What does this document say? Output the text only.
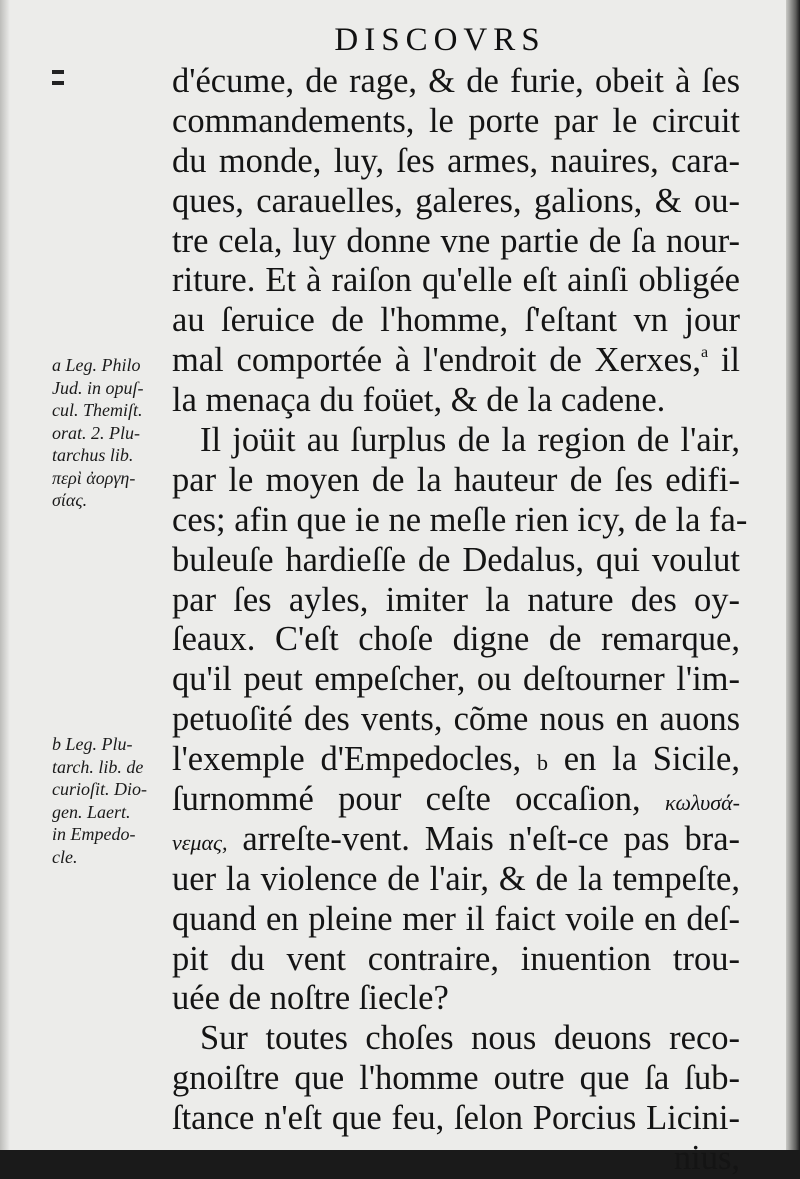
DISCOVRS
d'écume, de rage, & de furie, obeit à ſes
commandements, le porte par le circuit
du monde, luy, ſes armes, nauires, cara-
ques, carauelles, galeres, galions, & ou-
tre cela, luy donne vne partie de ſa nour-
riture. Et à raiſon qu'elle eſt ainſi obligée
au ſeruice de l'homme, ſ'eſtant vn jour
mal comportée à l'endroit de Xerxes,$^a$ il
la menaça du foüet, & de la cadene.
Il joüit au ſurplus de la region de l'air,
par le moyen de la hauteur de ſes edifi-
ces; afin que ie ne meſle rien icy, de la fa-
buleuſe hardieſſe de Dedalus, qui voulut
par ſes ayles, imiter la nature des oy-
ſeaux. C'eſt choſe digne de remarque,
qu'il peut empeſcher, ou deſtourner l'im-
petuoſité des vents, cõme nous en auons
l'exemple d'Empedocles, b en la Sicile,
ſurnommé pour ceſte occaſion, κωλυσά-
νεμας, arreſte-vent. Mais n'eſt-ce pas bra-
uer la violence de l'air, & de la tempeſte,
quand en pleine mer il faict voile en deſ-
pit du vent contraire, inuention trou-
uée de noſtre ſiecle?
Sur toutes choſes nous deuons reco-
gnoiſtre que l'homme outre que ſa ſub-
ſtance n'eſt que feu, ſelon Porcius Licini-
nius,
a Leg. Philo
Jud. in opuſ-
cul. Themiſt.
orat. 2. Plu-
tarchus lib.
περὶ ἀοργη-
σίας.
b Leg. Plu-
tarch. lib. de
curioſit. Dio-
gen. Laert.
in Empedo-
cle.
